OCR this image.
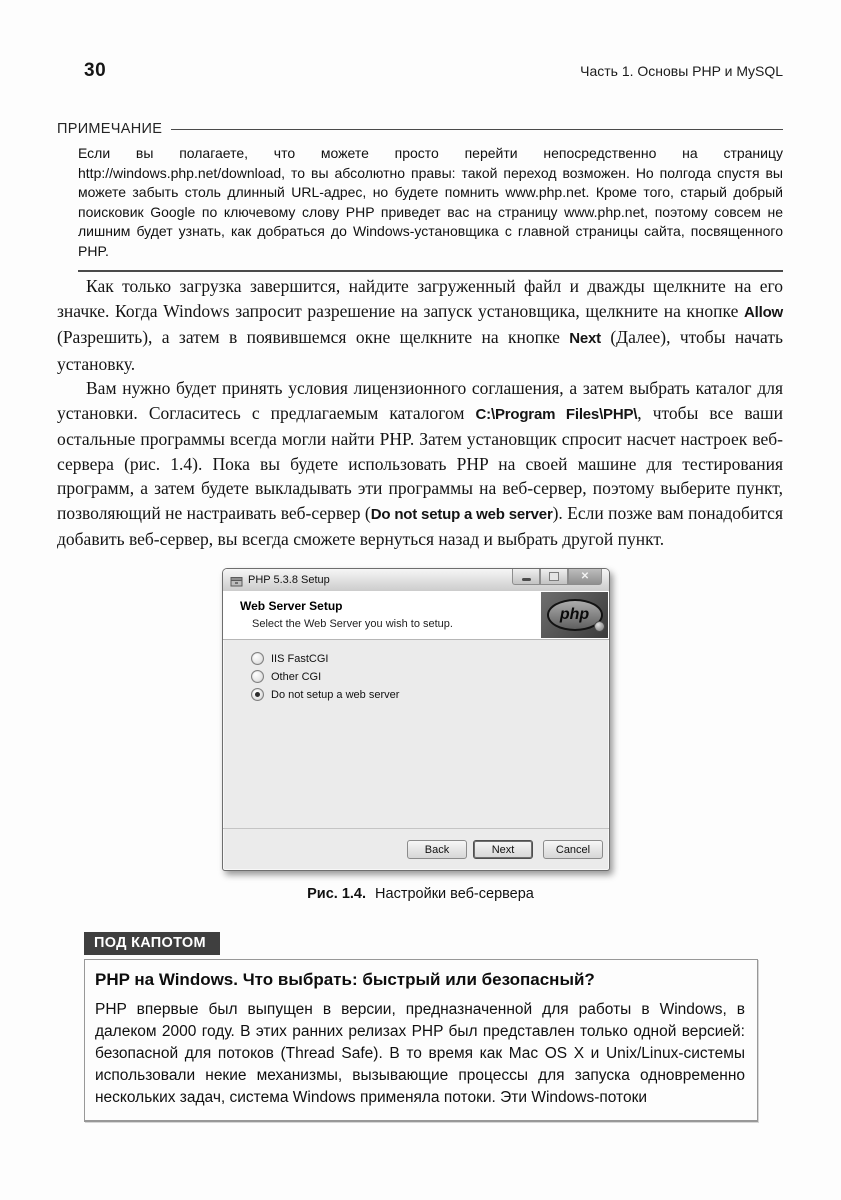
30	Часть 1. Основы PHP и MySQL
ПРИМЕЧАНИЕ
Если вы полагаете, что можете просто перейти непосредственно на страницу http://windows.php.net/download, то вы абсолютно правы: такой переход возможен. Но полгода спустя вы можете забыть столь длинный URL-адрес, но будете помнить www.php.net. Кроме того, старый добрый поисковик Google по ключевому слову PHP приведет вас на страницу www.php.net, поэтому совсем не лишним будет узнать, как добраться до Windows-установщика с главной страницы сайта, посвященного PHP.

Как только загрузка завершится, найдите загруженный файл и дважды щелкните на его значке. Когда Windows запросит разрешение на запуск установщика, щелкните на кнопке Allow (Разрешить), а затем в появившемся окне щелкните на кнопке Next (Далее), чтобы начать установку.

Вам нужно будет принять условия лицензионного соглашения, а затем выбрать каталог для установки. Согласитесь с предлагаемым каталогом C:\Program Files\PHP\, чтобы все ваши остальные программы всегда могли найти PHP. Затем установщик спросит насчет настроек веб-сервера (рис. 1.4). Пока вы будете использовать PHP на своей машине для тестирования программ, а затем будете выкладывать эти программы на веб-сервер, поэтому выберите пункт, позволяющий не настраивать веб-сервер (Do not setup a web server). Если позже вам понадобится добавить веб-сервер, вы всегда сможете вернуться назад и выбрать другой пункт.

PHP 5.3.8 Setup	✕
Web Server Setup
Select the Web Server you wish to setup.
php
IIS FastCGI
Other CGI
Do not setup a web server
Back	Next	Cancel
Рис. 1.4. Настройки веб-сервера
ПОД КАПОТОМ
PHP на Windows. Что выбрать: быстрый или безопасный?

PHP впервые был выпущен в версии, предназначенной для работы в Windows, в далеком 2000 году. В этих ранних релизах PHP был представлен только одной версией: безопасной для потоков (Thread Safe). В то время как Mac OS X и Unix/Linux-системы использовали некие механизмы, вызывающие процессы для запуска одновременно нескольких задач, система Windows применяла потоки. Эти Windows-потоки
